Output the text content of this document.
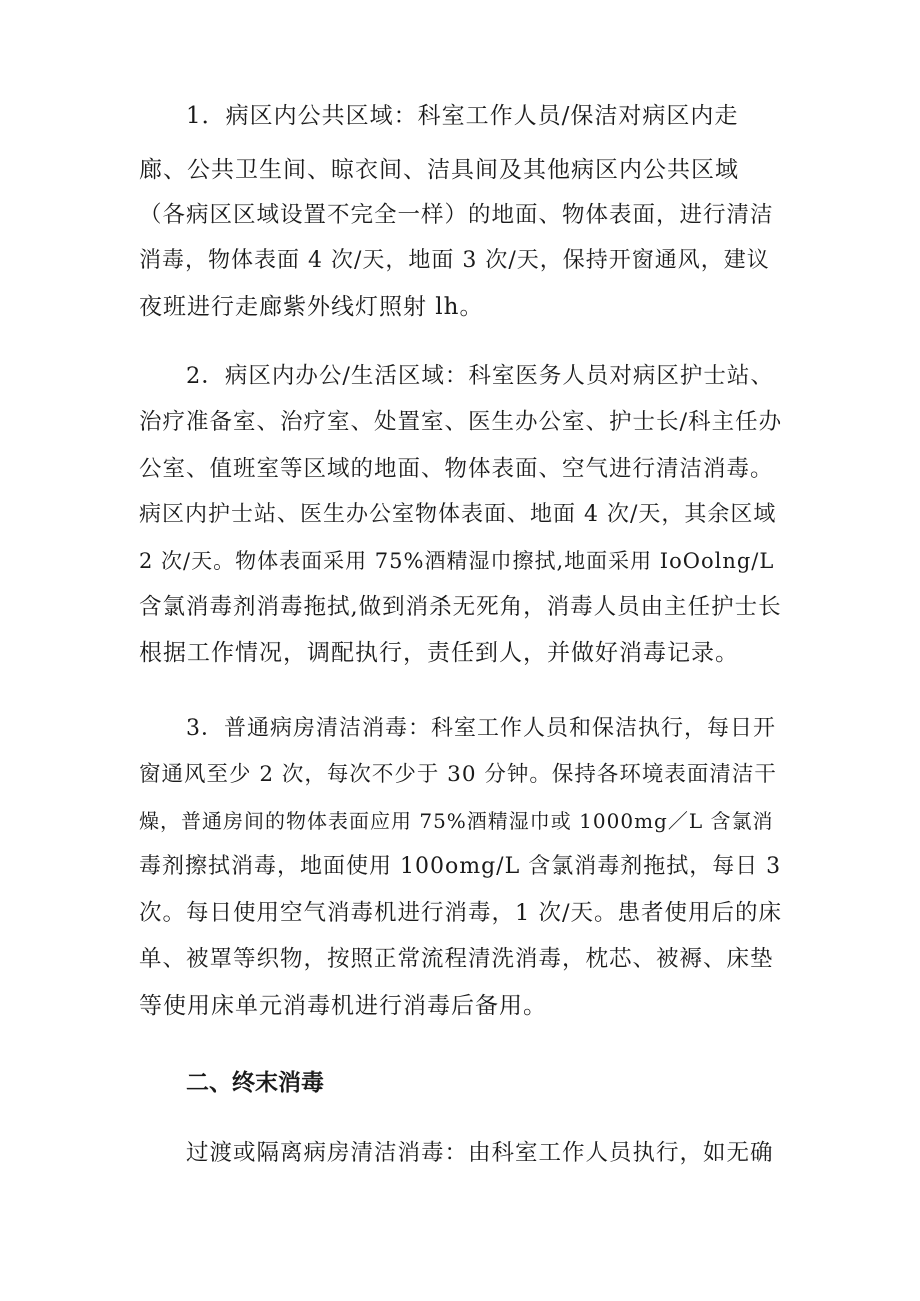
1．病区内公共区域：科室工作人员/保洁对病区内走
廊、公共卫生间、晾衣间、洁具间及其他病区内公共区域
（各病区区域设置不完全一样）的地面、物体表面，进行清洁
消毒，物体表面 4 次/天，地面 3 次/天，保持开窗通风，建议
夜班进行走廊紫外线灯照射 lh。
2．病区内办公/生活区域：科室医务人员对病区护士站、
治疗准备室、治疗室、处置室、医生办公室、护士长/科主任办
公室、值班室等区域的地面、物体表面、空气进行清洁消毒。
病区内护士站、医生办公室物体表面、地面 4 次/天，其余区域
2 次/天。物体表面采用 75%酒精湿巾擦拭,地面采用 IoOolng/L
含氯消毒剂消毒拖拭,做到消杀无死角，消毒人员由主任护士长
根据工作情况，调配执行，责任到人，并做好消毒记录。
3．普通病房清洁消毒：科室工作人员和保洁执行，每日开
窗通风至少 2 次，每次不少于 30 分钟。保持各环境表面清洁干
燥，普通房间的物体表面应用 75%酒精湿巾或 1000mg／L 含氯消
毒剂擦拭消毒，地面使用 100omg/L 含氯消毒剂拖拭，每日 3
次。每日使用空气消毒机进行消毒，1 次/天。患者使用后的床
单、被罩等织物，按照正常流程清洗消毒，枕芯、被褥、床垫
等使用床单元消毒机进行消毒后备用。
二、终末消毒
过渡或隔离病房清洁消毒：由科室工作人员执行，如无确
